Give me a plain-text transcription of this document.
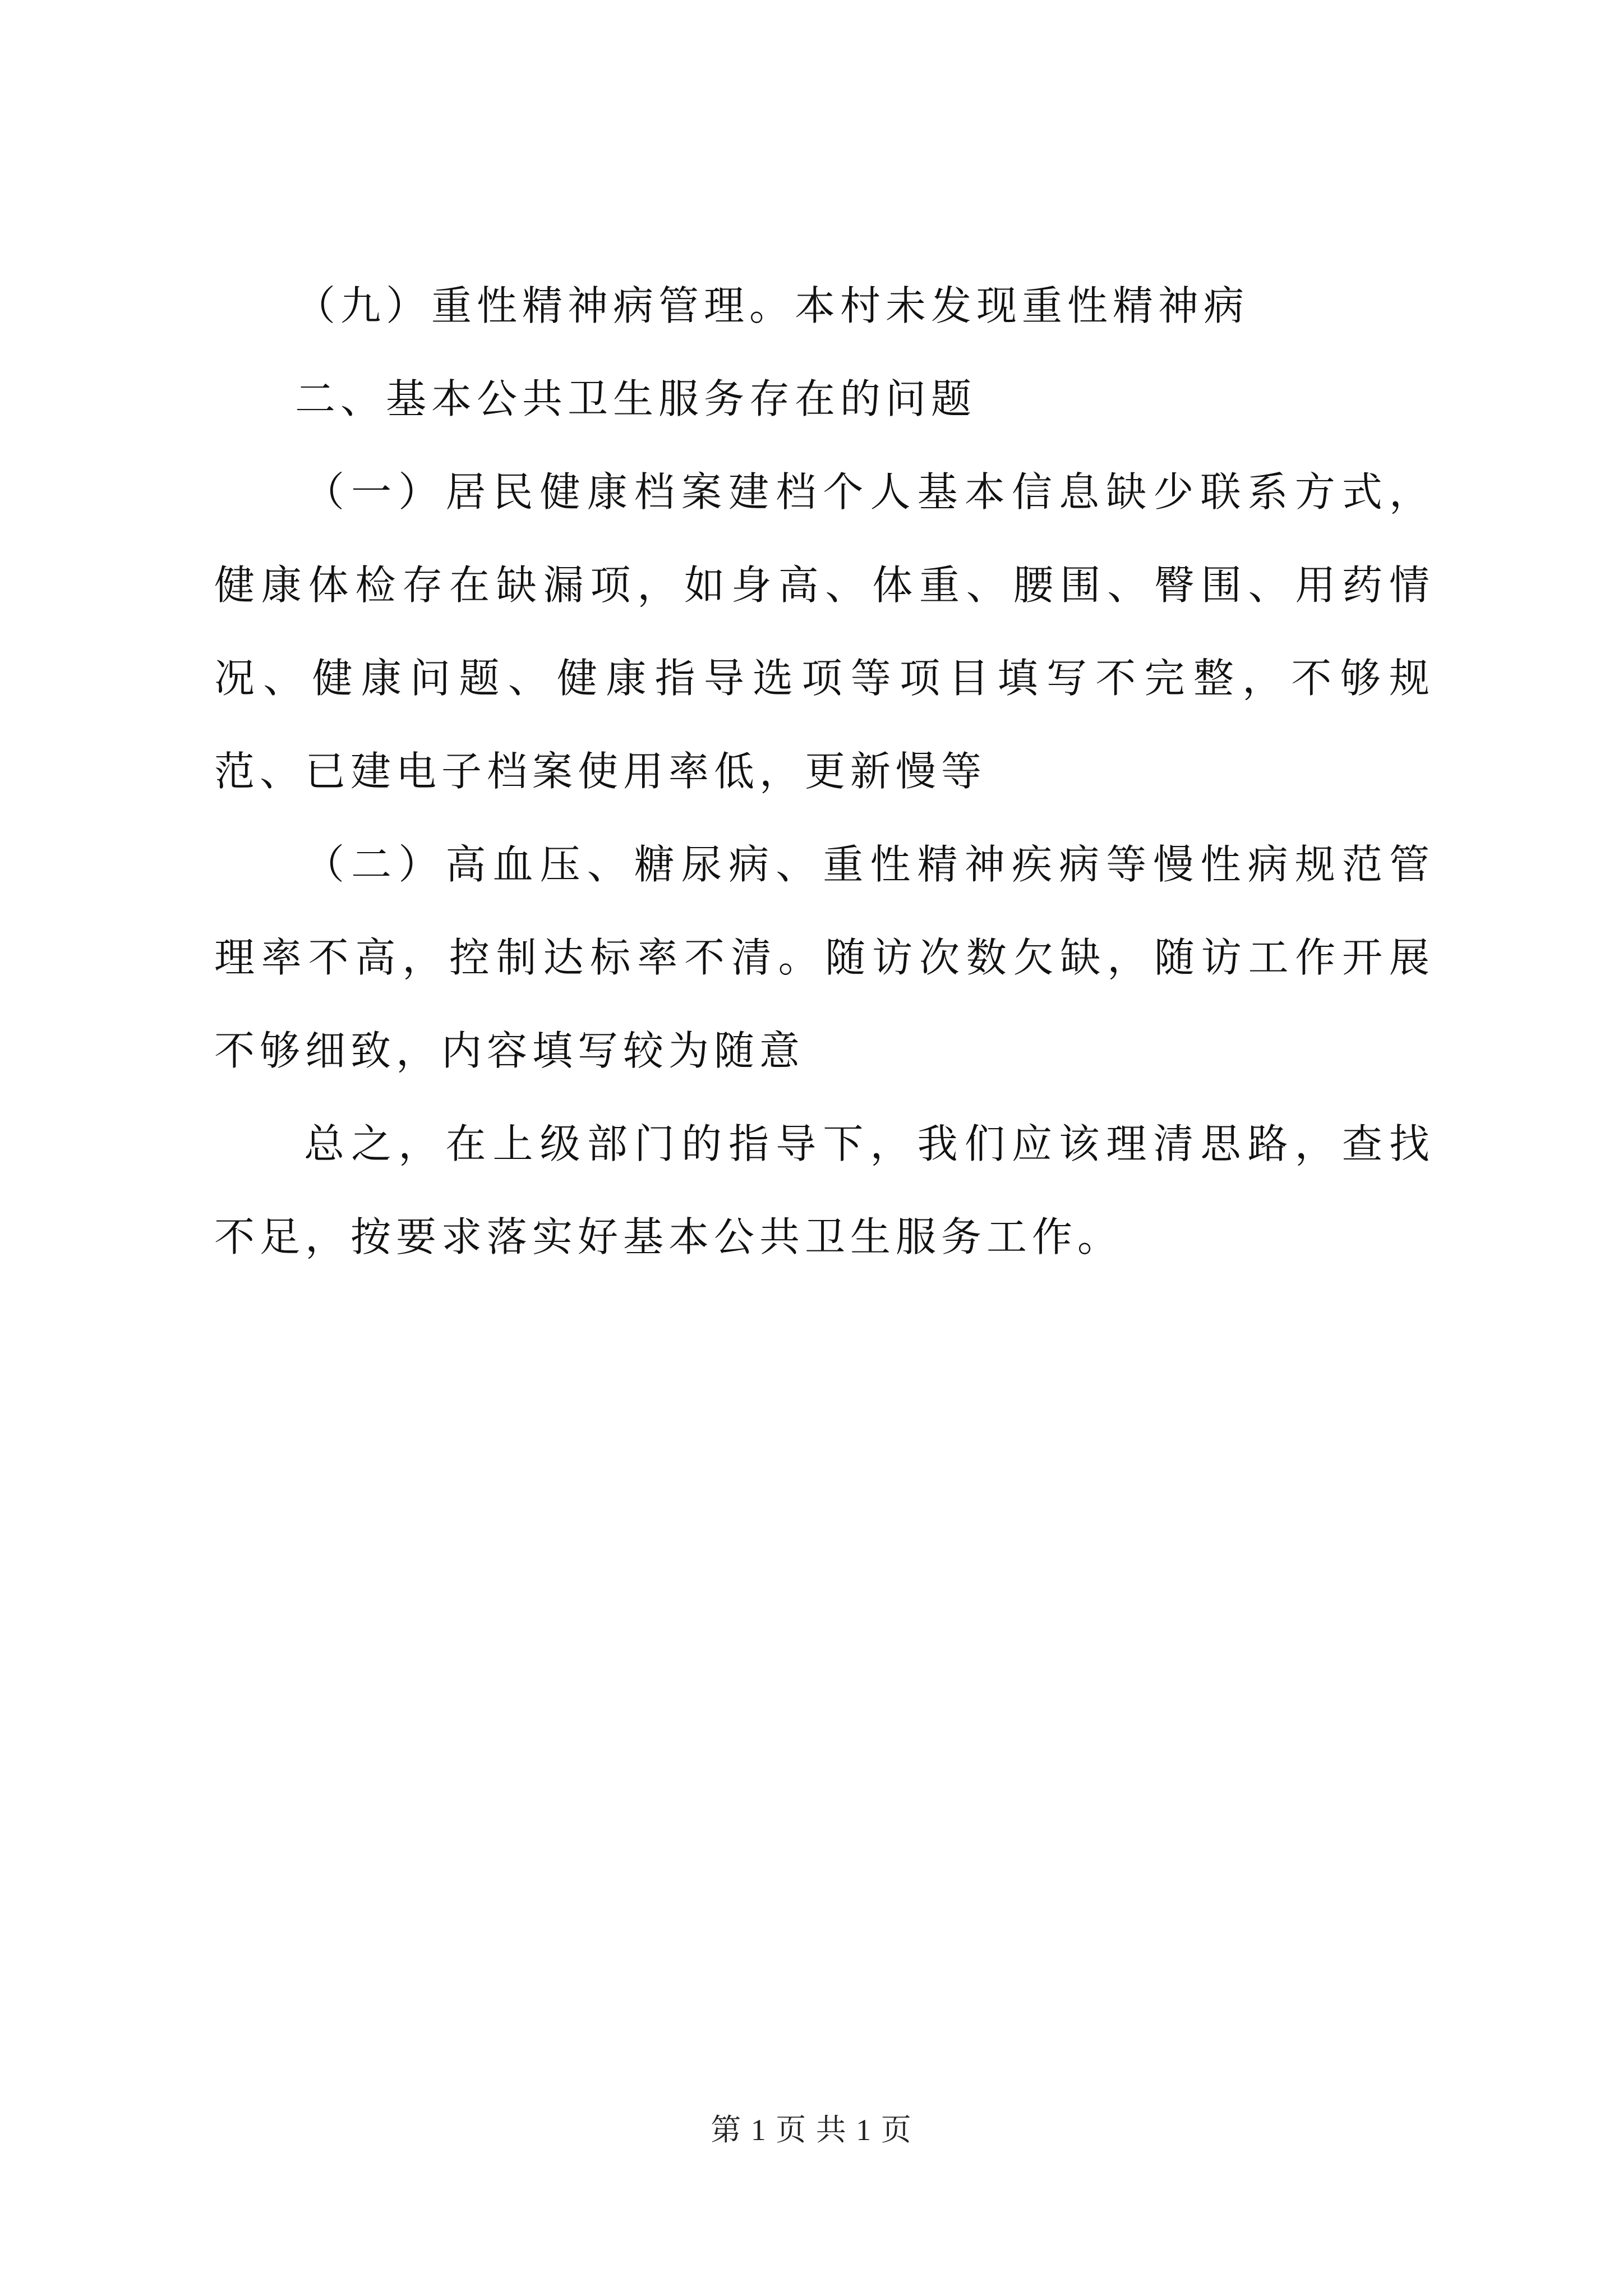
（九）重性精神病管理。本村未发现重性精神病

二、基本公共卫生服务存在的问题

（一）居民健康档案建档个人基本信息缺少联系方式，健康体检存在缺漏项，如身高、体重、腰围、臀围、用药情况、健康问题、健康指导选项等项目填写不完整，不够规范、已建电子档案使用率低，更新慢等

（二）高血压、糖尿病、重性精神疾病等慢性病规范管理率不高，控制达标率不清。随访次数欠缺，随访工作开展不够细致，内容填写较为随意

总之，在上级部门的指导下，我们应该理清思路，查找不足，按要求落实好基本公共卫生服务工作。

第 1 页 共 1 页
